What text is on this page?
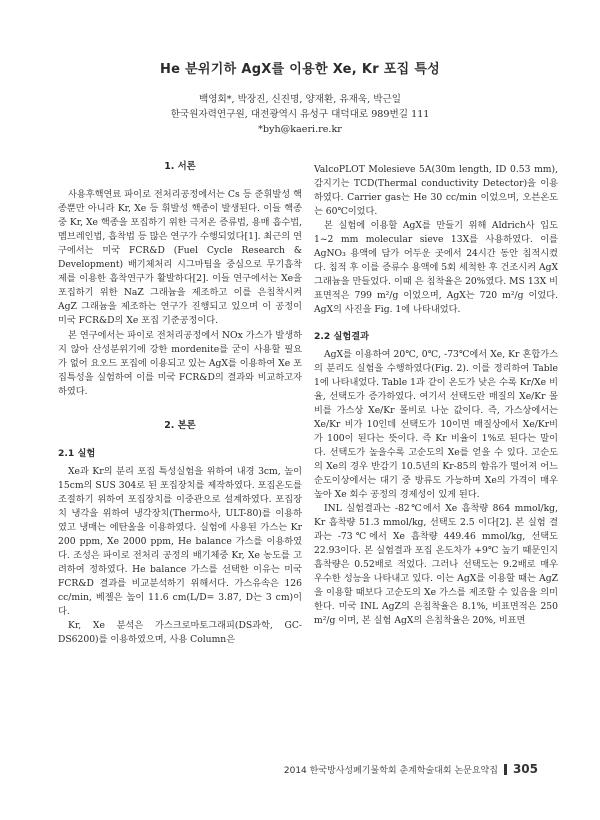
He 분위기하 AgX를 이용한 Xe, Kr 포집 특성
백영회*, 박장진, 신진명, 양재환, 유재욱, 박근일
한국원자력연구원, 대전광역시 유성구 대덕대로 989번길 111
*byh@kaeri.re.kr
1. 서론

사용후핵연료 파이로 전처리공정에서는 Cs 등 준휘발성 핵종뿐만 아니라 Kr, Xe 등 휘발성 핵종이 발생된다. 이들 핵종 중 Kr, Xe 핵종을 포집하기 위한 극저온 증류법, 용매 흡수법, 멤브레인법, 흡착법 등 많은 연구가 수행되었다[1]. 최근의 연구에서는 미국 FCR&D (Fuel Cycle Research & Development) 배기체처리 시그마팀을 중심으로 무기흡착제를 이용한 흡착연구가 활발하다[2]. 이들 연구에서는 Xe을 포집하기 위한 NaZ 그래늄을 제조하고 이를 은침착시켜 AgZ 그래늄을 제조하는 연구가 진행되고 있으며 이 공정이 미국 FCR&D의 Xe 포집 기준공정이다.

본 연구에서는 파이로 전처리공정에서 NOx 가스가 발생하지 않아 산성분위기에 강한 mordenite를 굳이 사용할 필요가 없어 요오드 포집에 이용되고 있는 AgX를 이용하여 Xe 포집특성을 실험하여 이를 미국 FCR&D의 결과와 비교하고자 하였다.

2. 본론
2.1 실험

Xe과 Kr의 분리 포집 특성실험을 위하여 내경 3cm, 높이 15cm의 SUS 304로 된 포집장치를 제작하였다. 포집온도를 조절하기 위하여 포집장치를 이중관으로 설계하였다. 포집장치 냉각을 위하여 냉각장치(Thermo사, ULT-80)를 이용하였고 냉매는 에탄올을 이용하였다. 실험에 사용된 가스는 Kr 200 ppm, Xe 2000 ppm, He balance 가스를 이용하였다. 조성은 파이로 전처리 공정의 배기체중 Kr, Xe 농도를 고려하여 정하였다. He balance 가스를 선택한 이유는 미국 FCR&D 결과를 비교분석하기 위해서다. 가스유속은 126 cc/min, 베젤은 높이 11.6 cm(L/D= 3.87, D는 3 cm)이다.

Kr, Xe 분석은 가스크로마토그래피(DS과학, GC-DS6200)를 이용하였으며, 사용 Column은

ValcoPLOT Molesieve 5A(30m length, ID 0.53 mm), 감지기는 TCD(Thermal conductivity Detector)을 이용하였다. Carrier gas는 He 30 cc/min 이었으며, 오븐온도는 60℃이었다.

본 실험에 이용할 AgX를 만들기 위해 Aldrich사 입도 1~2 mm molecular sieve 13X를 사용하였다. 이를 AgNO₃ 용액에 담가 어두운 곳에서 24시간 동안 침적시켰다. 침적 후 이를 증류수 용액에 5회 세척한 후 건조시켜 AgX 그래늄을 만들었다. 이때 은 침착율은 20%였다. MS 13X 비표면적은 799 m²/g 이었으며, AgX는 720 m²/g 이었다. AgX의 사진을 Fig. 1에 나타내었다.

2.2 실험결과

AgX를 이용하여 20℃, 0℃, -73℃에서 Xe, Kr 혼합가스의 분리도 실험을 수행하였다(Fig. 2). 이를 정리하여 Table 1에 나타내었다. Table 1과 같이 온도가 낮은 수록 Kr/Xe 비율, 선택도가 증가하였다. 여기서 선택도란 매질의 Xe/Kr 몰비를 가스상 Xe/Kr 몰비로 나눈 값이다. 즉, 가스상에서는 Xe/Kr 비가 10인데 선택도가 10이면 매질상에서 Xe/Kr비가 100이 된다는 뜻이다. 즉 Kr 비율이 1%로 된다는 말이다. 선택도가 높을수록 고순도의 Xe를 얻을 수 있다. 고순도의 Xe의 경우 반감기 10.5년의 Kr-85의 함유가 떨어져 어느 순도이상에서는 대기 중 방류도 가능하며 Xe의 가격이 매우 높아 Xe 회수 공정의 경제성이 있게 된다.

INL 실험결과는 -82℃에서 Xe 흡착량 864 mmol/kg, Kr 흡착량 51.3 mmol/kg, 선택도 2.5 이다[2]. 본 실험 결과는 -73℃에서 Xe 흡착량 449.46 mmol/kg, 선택도 22.93이다. 본 실험결과 포집 온도차가 +9℃ 높기 때문인지 흡착량은 0.52배로 적었다. 그러나 선택도는 9.2배로 매우 우수한 성능을 나타내고 있다. 이는 AgX를 이용할 때는 AgZ을 이용할 때보다 고순도의 Xe 가스를 제조할 수 있음을 의미한다. 미국 INL AgZ의 은침착율은 8.1%, 비표면적은 250 m²/g 이며, 본 실험 AgX의 은침착율은 20%, 비표면

2014 한국방사성폐기물학회 춘계학술대회 논문요약집 305
